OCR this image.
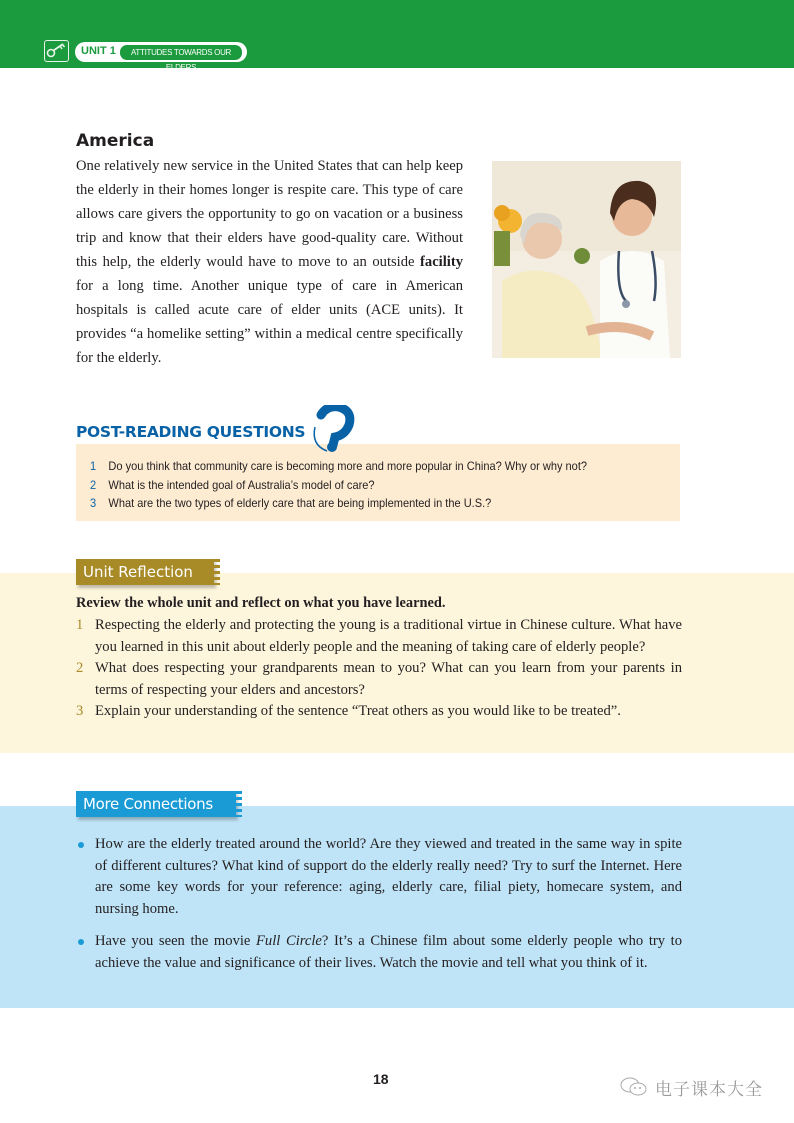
UNIT 1	ATTITUDES TOWARDS OUR ELDERS
America
One relatively new service in the United States that can help keep the elderly in their homes longer is respite care. This type of care allows care givers the opportunity to go on vacation or a business trip and know that their elders have good-quality care. Without this help, the elderly would have to move to an outside facility for a long time. Another unique type of care in American hospitals is called acute care of elder units (ACE units). It provides “a homelike setting” within a medical centre specifically for the elderly.
POST-READING QUESTIONS
1 Do you think that community care is becoming more and more popular in China? Why or why not?
2 What is the intended goal of Australia’s model of care?
3 What are the two types of elderly care that are being implemented in the U.S.?
Unit Reflection
Review the whole unit and reflect on what you have learned.
1 Respecting the elderly and protecting the young is a traditional virtue in Chinese culture. What have you learned in this unit about elderly people and the meaning of taking care of elderly people?
2 What does respecting your grandparents mean to you? What can you learn from your parents in terms of respecting your elders and ancestors?
3 Explain your understanding of the sentence “Treat others as you would like to be treated”.
More Connections
How are the elderly treated around the world? Are they viewed and treated in the same way in spite of different cultures? What kind of support do the elderly really need? Try to surf the Internet. Here are some key words for your reference: aging, elderly care, filial piety, homecare system, and nursing home.
Have you seen the movie Full Circle? It’s a Chinese film about some elderly people who try to achieve the value and significance of their lives. Watch the movie and tell what you think of it.
18
电子课本大全
